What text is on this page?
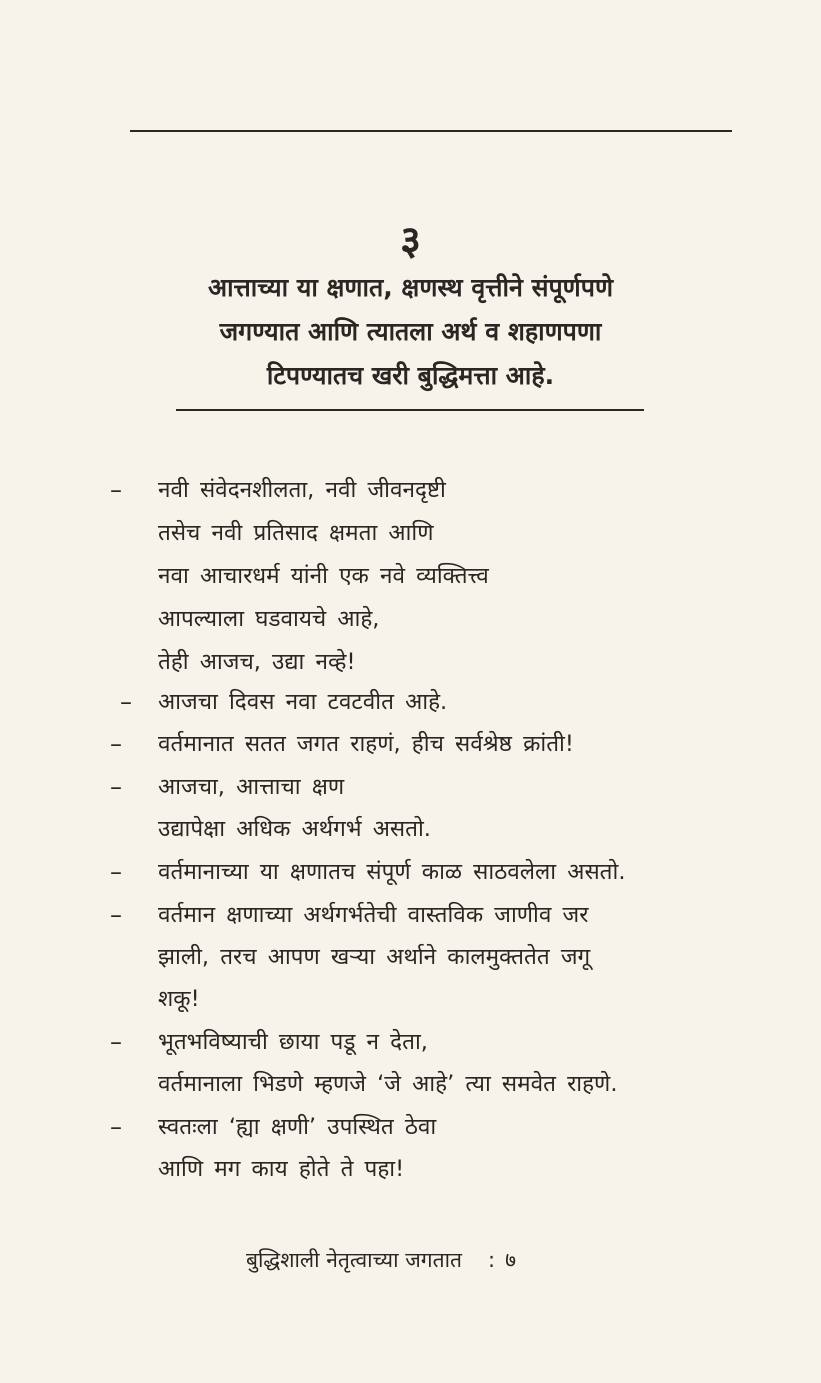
३
आत्ताच्या या क्षणात, क्षणस्थ वृत्तीने संपूर्णपणे
जगण्यात आणि त्यातला अर्थ व शहाणपणा
टिपण्यातच खरी बुद्धिमत्ता आहे.
– नवी संवेदनशीलता, नवी जीवनदृष्टी
तसेच नवी प्रतिसाद क्षमता आणि
नवा आचारधर्म यांनी एक नवे व्यक्तित्त्व
आपल्याला घडवायचे आहे,
तेही आजच, उद्या नव्हे!
– आजचा दिवस नवा टवटवीत आहे.
– वर्तमानात सतत जगत राहणं, हीच सर्वश्रेष्ठ क्रांती!
– आजचा, आत्ताचा क्षण
उद्यापेक्षा अधिक अर्थगर्भ असतो.
– वर्तमानाच्या या क्षणातच संपूर्ण काळ साठवलेला असतो.
– वर्तमान क्षणाच्या अर्थगर्भतेची वास्तविक जाणीव जर
झाली, तरच आपण खऱ्या अर्थाने कालमुक्ततेत जगू
शकू!
– भूतभविष्याची छाया पडू न देता,
वर्तमानाला भिडणे म्हणजे ‘जे आहे’ त्या समवेत राहणे.
– स्वतःला ‘ह्या क्षणी’ उपस्थित ठेवा
आणि मग काय होते ते पहा!
बुद्धिशाली नेतृत्वाच्या जगतात : ७
